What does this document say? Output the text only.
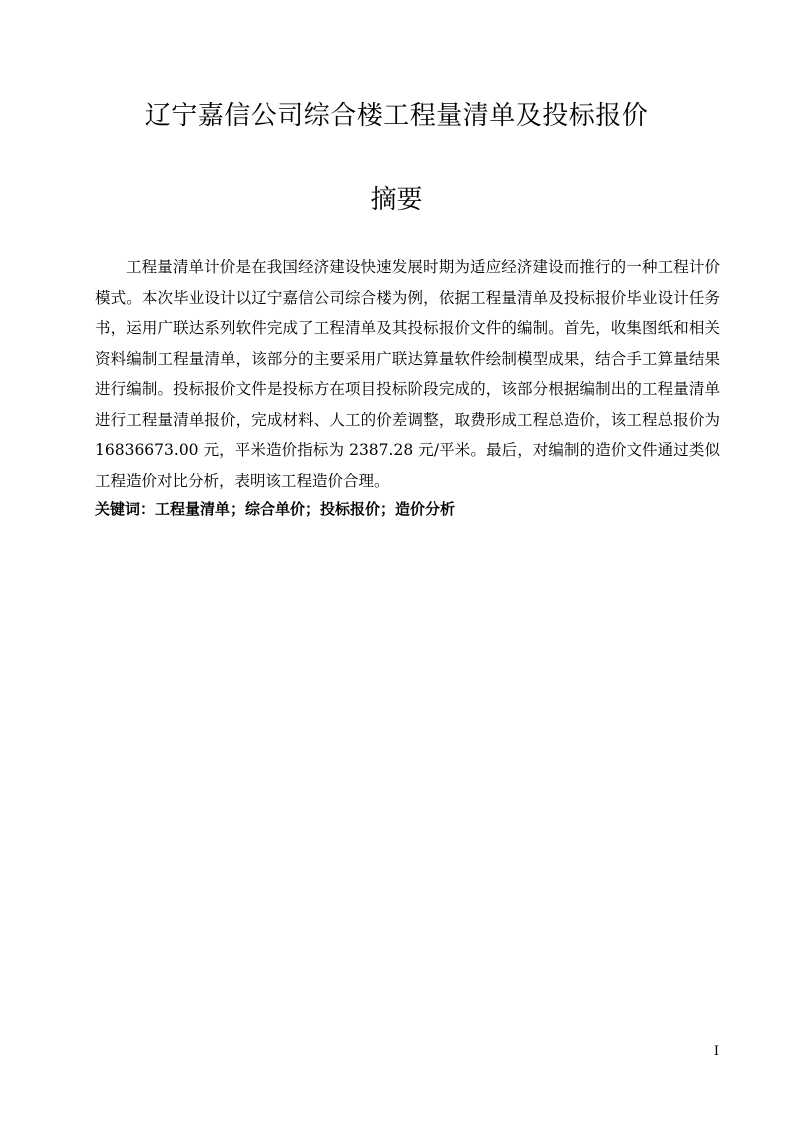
辽宁嘉信公司综合楼工程量清单及投标报价
摘要

工程量清单计价是在我国经济建设快速发展时期为适应经济建设而推行的一种工程计价模式。本次毕业设计以辽宁嘉信公司综合楼为例，依据工程量清单及投标报价毕业设计任务书，运用广联达系列软件完成了工程清单及其投标报价文件的编制。首先，收集图纸和相关资料编制工程量清单，该部分的主要采用广联达算量软件绘制模型成果，结合手工算量结果进行编制。投标报价文件是投标方在项目投标阶段完成的，该部分根据编制出的工程量清单进行工程量清单报价，完成材料、人工的价差调整，取费形成工程总造价，该工程总报价为 16836673.00 元，平米造价指标为 2387.28 元/平米。最后，对编制的造价文件通过类似工程造价对比分析，表明该工程造价合理。

关键词：工程量清单；综合单价；投标报价；造价分析

I
